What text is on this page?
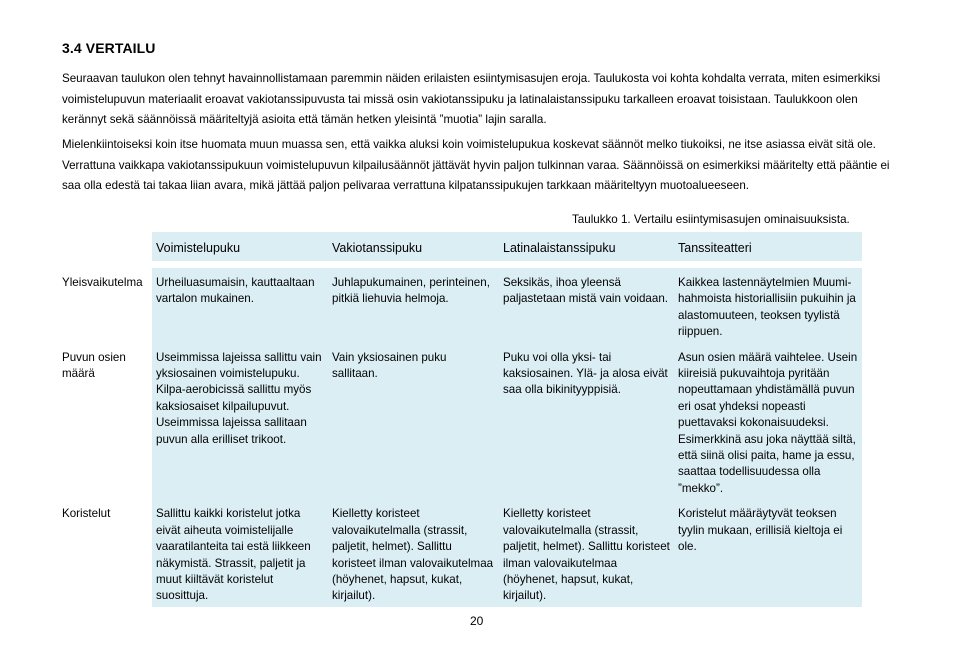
3.4 VERTAILU
Seuraavan taulukon olen tehnyt havainnollistamaan paremmin näiden erilaisten esiintymisasujen eroja. Taulukosta voi kohta kohdalta verrata, miten esimerkiksi voimistelupuvun materiaalit eroavat vakiotanssipuvusta tai missä osin vakiotanssipuku ja latinalaistanssipuku tarkalleen eroavat toisistaan. Taulukkoon olen kerännyt sekä säännöissä määriteltyjä asioita että tämän hetken yleisintä ”muotia” lajin saralla.
Mielenkiintoiseksi koin itse huomata muun muassa sen, että vaikka aluksi koin voimistelupukua koskevat säännöt melko tiukoiksi, ne itse asiassa eivät sitä ole. Verrattuna vaikkapa vakiotanssipukuun voimistelupuvun kilpailusäännöt jättävät hyvin paljon tulkinnan varaa. Säännöissä on esimerkiksi määritelty että pääntie ei saa olla edestä tai takaa liian avara, mikä jättää paljon pelivaraa verrattuna kilpatanssipukujen tarkkaan määriteltyyn muotoalueeseen.
Taulukko 1. Vertailu esiintymisasujen ominaisuuksista.
	Voimistelupuku	Vakiotanssipuku	Latinalaistanssipuku	Tanssiteatteri

Yleisvaikutelma	Urheiluasumaisin, kauttaaltaan vartalon mukainen.	Juhlapukumainen, perinteinen, pitkiä liehuvia helmoja.	Seksikäs, ihoa yleensä paljastetaan mistä vain voidaan.	Kaikkea lastennäytelmien Muumi-hahmoista historiallisiin pukuihin ja alastomuuteen, teoksen tyylistä riippuen.

Puvun osien määrä	Useimmissa lajeissa sallittu vain yksiosainen voimistelupuku. Kilpa-aerobicissä sallittu myös kaksiosaiset kilpailupuvut. Useimmissa lajeissa sallitaan puvun alla erilliset trikoot.	Vain yksiosainen puku sallitaan.	Puku voi olla yksi- tai kaksiosainen. Ylä- ja alosa eivät saa olla bikinityyppisiä.	Asun osien määrä vaihtelee. Usein kiireisiä pukuvaihtoja pyritään nopeuttamaan yhdistämällä puvun eri osat yhdeksi nopeasti puettavaksi kokonaisuudeksi. Esimerkkinä asu joka näyttää siltä, että siinä olisi paita, hame ja essu, saattaa todellisuudessa olla ”mekko”.

Koristelut	Sallittu kaikki koristelut jotka eivät aiheuta voimistelijalle vaaratilanteita tai estä liikkeen näkymistä. Strassit, paljetit ja muut kiiltävät koristelut suosittuja.	Kielletty koristeet valovaikutelmalla (strassit, paljetit, helmet). Sallittu koristeet ilman valovaikutelmaa (höyhenet, hapsut, kukat, kirjailut).	Kielletty koristeet valovaikutelmalla (strassit, paljetit, helmet). Sallittu koristeet ilman valovaikutelmaa (höyhenet, hapsut, kukat, kirjailut).	Koristelut määräytyvät teoksen tyylin mukaan, erillisiä kieltoja ei ole.
20
